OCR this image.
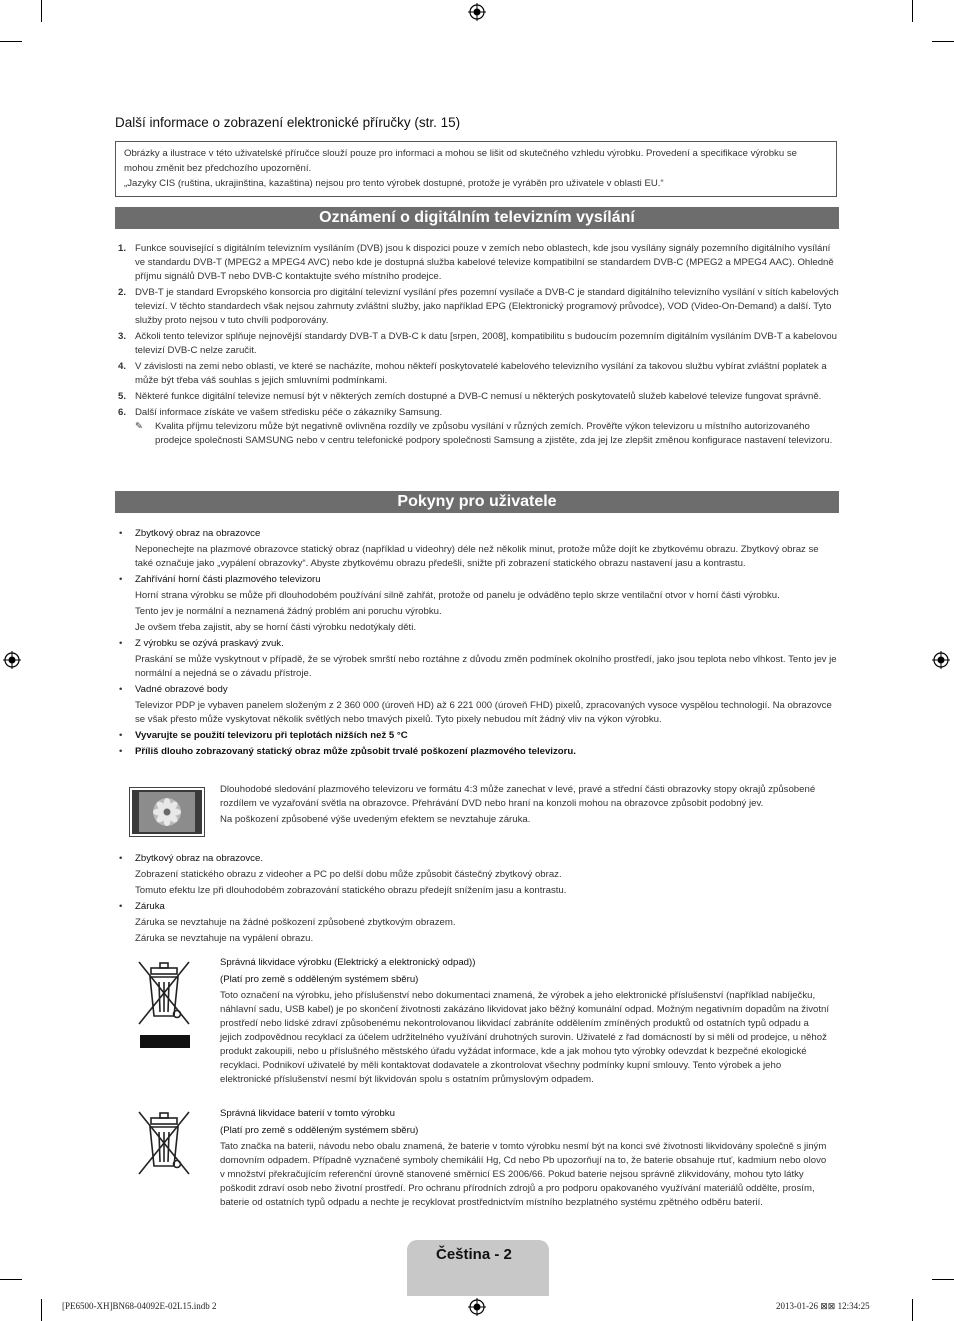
Další informace o zobrazení elektronické příručky (str. 15)

Obrázky a ilustrace v této uživatelské příručce slouží pouze pro informaci a mohou se lišit od skutečného vzhledu výrobku. Provedení a specifikace výrobku se mohou změnit bez předchozího upozornění.

„Jazyky CIS (ruština, ukrajinština, kazaština) nejsou pro tento výrobek dostupné, protože je vyráběn pro uživatele v oblasti EU.“

Oznámení o digitálním televizním vysílání
1. Funkce související s digitálním televizním vysíláním (DVB) jsou k dispozici pouze v zemích nebo oblastech, kde jsou vysílány signály pozemního digitálního vysílání ve standardu DVB-T (MPEG2 a MPEG4 AVC) nebo kde je dostupná služba kabelové televize kompatibilní se standardem DVB-C (MPEG2 a MPEG4 AAC). Ohledně příjmu signálů DVB-T nebo DVB-C kontaktujte svého místního prodejce.
2. DVB-T je standard Evropského konsorcia pro digitální televizní vysílání přes pozemní vysílače a DVB-C je standard digitálního televizního vysílání v sítích kabelových televizí. V těchto standardech však nejsou zahrnuty zvláštní služby, jako například EPG (Elektronický programový průvodce), VOD (Video-On-Demand) a další. Tyto služby proto nejsou v tuto chvíli podporovány.
3. Ačkoli tento televizor splňuje nejnovější standardy DVB-T a DVB-C k datu [srpen, 2008], kompatibilitu s budoucím pozemním digitálním vysíláním DVB-T a kabelovou televizí DVB-C nelze zaručit.
4. V závislosti na zemi nebo oblasti, ve které se nacházíte, mohou někteří poskytovatelé kabelového televizního vysílání za takovou službu vybírat zvláštní poplatek a může být třeba váš souhlas s jejich smluvními podmínkami.
5. Některé funkce digitální televize nemusí být v některých zemích dostupné a DVB-C nemusí u některých poskytovatelů služeb kabelové televize fungovat správně.
6. Další informace získáte ve vašem středisku péče o zákazníky Samsung.
✎ Kvalita příjmu televizoru může být negativně ovlivněna rozdíly ve způsobu vysílání v různých zemích. Prověřte výkon televizoru u místního autorizovaného prodejce společnosti SAMSUNG nebo v centru telefonické podpory společnosti Samsung a zjistěte, zda jej lze zlepšit změnou konfigurace nastavení televizoru.
Pokyny pro uživatele
• Zbytkový obraz na obrazovce

Neponechejte na plazmové obrazovce statický obraz (například u videohry) déle než několik minut, protože může dojít ke zbytkovému obrazu. Zbytkový obraz se také označuje jako „vypálení obrazovky“. Abyste zbytkovému obrazu předešli, snižte při zobrazení statického obrazu nastavení jasu a kontrastu.

• Zahřívání horní části plazmového televizoru

Horní strana výrobku se může při dlouhodobém používání silně zahřát, protože od panelu je odváděno teplo skrze ventilační otvor v horní části výrobku.

Tento jev je normální a neznamená žádný problém ani poruchu výrobku.

Je ovšem třeba zajistit, aby se horní části výrobku nedotýkaly děti.

• Z výrobku se ozývá praskavý zvuk.

Praskání se může vyskytnout v případě, že se výrobek smrští nebo roztáhne z důvodu změn podmínek okolního prostředí, jako jsou teplota nebo vlhkost. Tento jev je normální a nejedná se o závadu přístroje.

• Vadné obrazové body

Televizor PDP je vybaven panelem složeným z 2 360 000 (úroveň HD) až 6 221 000 (úroveň FHD) pixelů, zpracovaných vysoce vyspělou technologií. Na obrazovce se však přesto může vyskytovat několik světlých nebo tmavých pixelů. Tyto pixely nebudou mít žádný vliv na výkon výrobku.

• Vyvarujte se použití televizoru při teplotách nižších než 5 °C

• Příliš dlouho zobrazovaný statický obraz může způsobit trvalé poškození plazmového televizoru.

Dlouhodobé sledování plazmového televizoru ve formátu 4:3 může zanechat v levé, pravé a střední části obrazovky stopy okrajů způsobené rozdílem ve vyzařování světla na obrazovce. Přehrávání DVD nebo hraní na konzoli mohou na obrazovce způsobit podobný jev.

Na poškození způsobené výše uvedeným efektem se nevztahuje záruka.

• Zbytkový obraz na obrazovce.

Zobrazení statického obrazu z videoher a PC po delší dobu může způsobit částečný zbytkový obraz.

Tomuto efektu lze při dlouhodobém zobrazování statického obrazu předejít snížením jasu a kontrastu.

• Záruka

Záruka se nevztahuje na žádné poškození způsobené zbytkovým obrazem.

Záruka se nevztahuje na vypálení obrazu.

Správná likvidace výrobku (Elektrický a elektronický odpad))

(Platí pro země s odděleným systémem sběru)

Toto označení na výrobku, jeho příslušenství nebo dokumentaci znamená, že výrobek a jeho elektronické příslušenství (například nabíječku, náhlavní sadu, USB kabel) je po skončení životnosti zakázáno likvidovat jako běžný komunální odpad. Možným negativním dopadům na životní prostředí nebo lidské zdraví způsobenému nekontrolovanou likvidací zabráníte oddělením zmíněných produktů od ostatních typů odpadu a jejich zodpovědnou recyklací za účelem udržitelného využívání druhotných surovin. Uživatelé z řad domácností by si měli od prodejce, u něhož produkt zakoupili, nebo u příslušného městského úřadu vyžádat informace, kde a jak mohou tyto výrobky odevzdat k bezpečné ekologické recyklaci. Podnikoví uživatelé by měli kontaktovat dodavatele a zkontrolovat všechny podmínky kupní smlouvy. Tento výrobek a jeho elektronické příslušenství nesmí být likvidován spolu s ostatním průmyslovým odpadem.

Správná likvidace baterií v tomto výrobku

(Platí pro země s odděleným systémem sběru)

Tato značka na baterii, návodu nebo obalu znamená, že baterie v tomto výrobku nesmí být na konci své životnosti likvidovány společně s jiným domovním odpadem. Případně vyznačené symboly chemikálií Hg, Cd nebo Pb upozorňují na to, že baterie obsahuje rtuť, kadmium nebo olovo v množství překračujícím referenční úrovně stanovené směrnicí ES 2006/66. Pokud baterie nejsou správně zlikvidovány, mohou tyto látky poškodit zdraví osob nebo životní prostředí. Pro ochranu přírodních zdrojů a pro podporu opakovaného využívání materiálů oddělte, prosím, baterie od ostatních typů odpadu a nechte je recyklovat prostřednictvím místního bezplatného systému zpětného odběru baterií.

Čeština - 2
[PE6500-XH]BN68-04092E-02L15.indb 2	2013-01-26 ⊠⊠ 12:34:25
